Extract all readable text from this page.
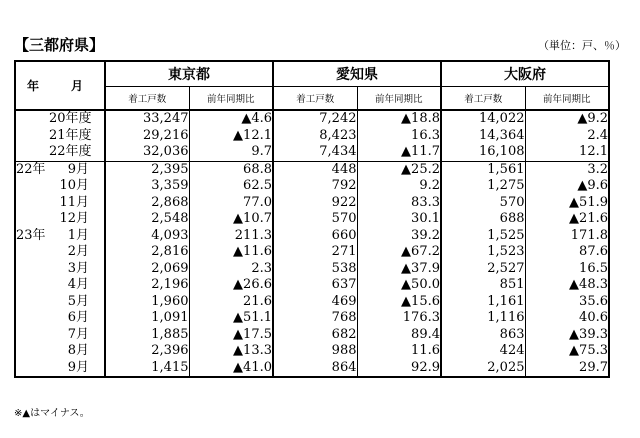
【三都府県】	（単位：戸、％）
年　月	東京都		愛知県		大阪府	
	着工戸数	前年同期比	着工戸数	前年同期比	着工戸数	前年同期比
20年度	33,247	▲4.6	7,242	▲18.8	14,022	▲9.2
21年度	29,216	▲12.1	8,423	16.3	14,364	2.4
22年度	32,036	9.7	7,434	▲11.7	16,108	12.1
22年 9月	2,395	68.8	448	▲25.2	1,561	3.2
10月	3,359	62.5	792	9.2	1,275	▲9.6
11月	2,868	77.0	922	83.3	570	▲51.9
12月	2,548	▲10.7	570	30.1	688	▲21.6
23年 1月	4,093	211.3	660	39.2	1,525	171.8
2月	2,816	▲11.6	271	▲67.2	1,523	87.6
3月	2,069	2.3	538	▲37.9	2,527	16.5
4月	2,196	▲26.6	637	▲50.0	851	▲48.3
5月	1,960	21.6	469	▲15.6	1,161	35.6
6月	1,091	▲51.1	768	176.3	1,116	40.6
7月	1,885	▲17.5	682	89.4	863	▲39.3
8月	2,396	▲13.3	988	11.6	424	▲75.3
9月	1,415	▲41.0	864	92.9	2,025	29.7
※▲はマイナス。
